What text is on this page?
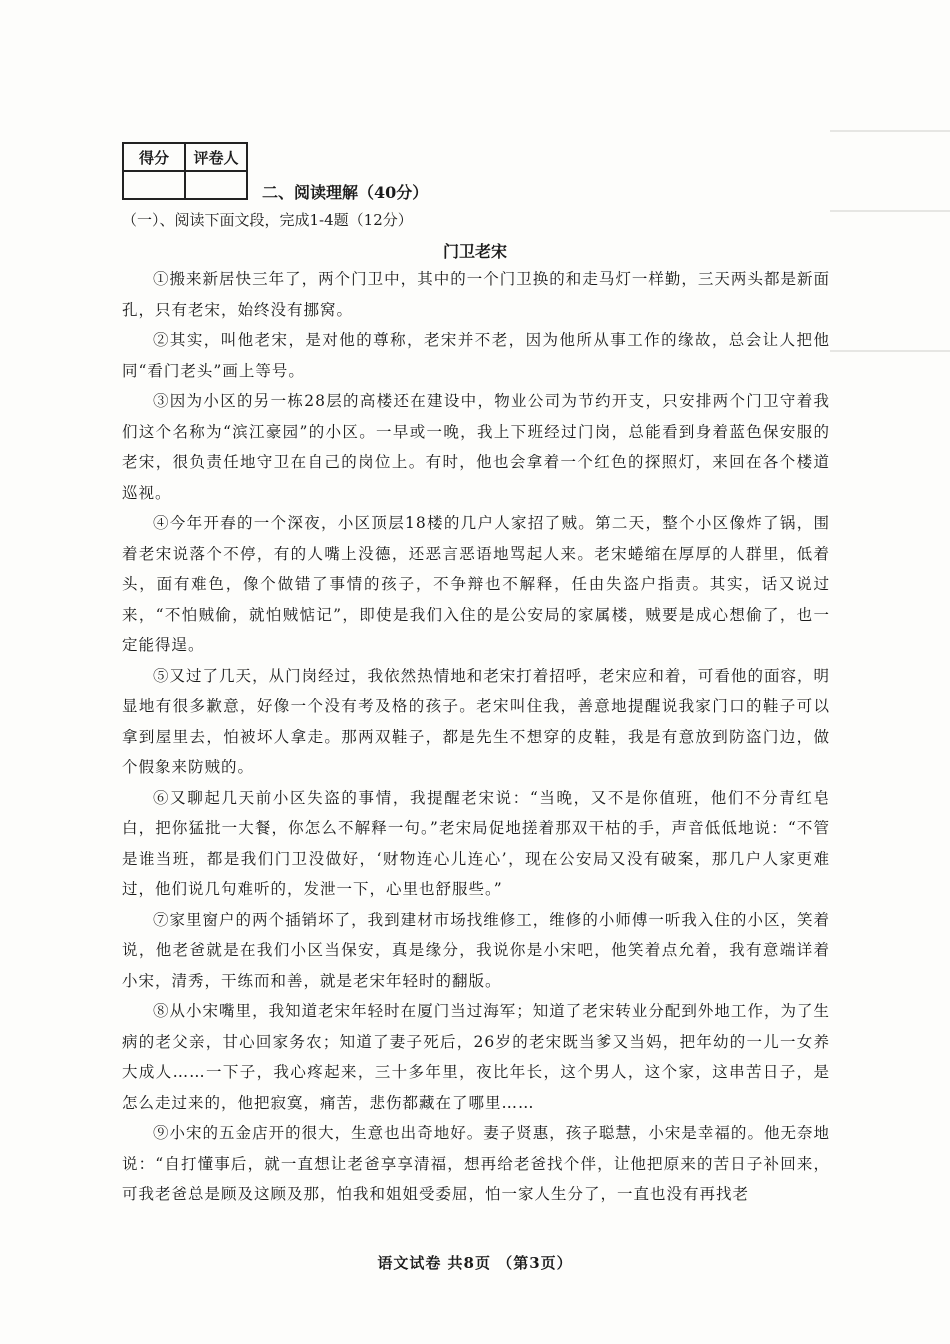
得分	评卷人

二、阅读理解（40分）
（一）、阅读下面文段，完成1-4题（12分）
门卫老宋

①搬来新居快三年了，两个门卫中，其中的一个门卫换的和走马灯一样勤，三天两头都是新面孔，只有老宋，始终没有挪窝。

②其实，叫他老宋，是对他的尊称，老宋并不老，因为他所从事工作的缘故，总会让人把他同“看门老头”画上等号。

③因为小区的另一栋28层的高楼还在建设中，物业公司为节约开支，只安排两个门卫守着我们这个名称为“滨江豪园”的小区。一早或一晚，我上下班经过门岗，总能看到身着蓝色保安服的老宋，很负责任地守卫在自己的岗位上。有时，他也会拿着一个红色的探照灯，来回在各个楼道巡视。

④今年开春的一个深夜，小区顶层18楼的几户人家招了贼。第二天，整个小区像炸了锅，围着老宋说落个不停，有的人嘴上没德，还恶言恶语地骂起人来。老宋蜷缩在厚厚的人群里，低着头，面有难色，像个做错了事情的孩子，不争辩也不解释，任由失盗户指责。其实，话又说过来，“不怕贼偷，就怕贼惦记”，即使是我们入住的是公安局的家属楼，贼要是成心想偷了，也一定能得逞。

⑤又过了几天，从门岗经过，我依然热情地和老宋打着招呼，老宋应和着，可看他的面容，明显地有很多歉意，好像一个没有考及格的孩子。老宋叫住我，善意地提醒说我家门口的鞋子可以拿到屋里去，怕被坏人拿走。那两双鞋子，都是先生不想穿的皮鞋，我是有意放到防盗门边，做个假象来防贼的。

⑥又聊起几天前小区失盗的事情，我提醒老宋说：“当晚，又不是你值班，他们不分青红皂白，把你猛批一大餐，你怎么不解释一句。”老宋局促地搓着那双干枯的手，声音低低地说：“不管是谁当班，都是我们门卫没做好，‘财物连心儿连心’，现在公安局又没有破案，那几户人家更难过，他们说几句难听的，发泄一下，心里也舒服些。”

⑦家里窗户的两个插销坏了，我到建材市场找维修工，维修的小师傅一听我入住的小区，笑着说，他老爸就是在我们小区当保安，真是缘分，我说你是小宋吧，他笑着点允着，我有意端详着小宋，清秀，干练而和善，就是老宋年轻时的翻版。

⑧从小宋嘴里，我知道老宋年轻时在厦门当过海军；知道了老宋转业分配到外地工作，为了生病的老父亲，甘心回家务农；知道了妻子死后，26岁的老宋既当爹又当妈，把年幼的一儿一女养大成人……一下子，我心疼起来，三十多年里，夜比年长，这个男人，这个家，这串苦日子，是怎么走过来的，他把寂寞，痛苦，悲伤都藏在了哪里……

⑨小宋的五金店开的很大，生意也出奇地好。妻子贤惠，孩子聪慧，小宋是幸福的。他无奈地说：“自打懂事后，就一直想让老爸享享清福，想再给老爸找个伴，让他把原来的苦日子补回来，可我老爸总是顾及这顾及那，怕我和姐姐受委屈，怕一家人生分了，一直也没有再找老

语文试卷 共8页 （第3页）
